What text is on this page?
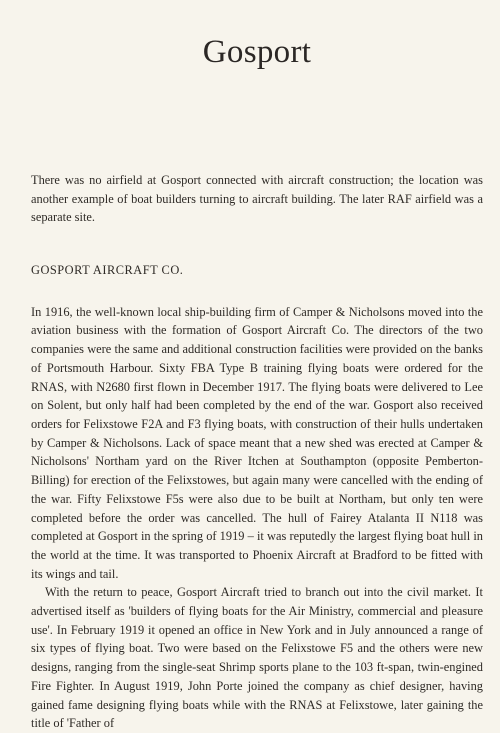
Gosport

There was no airfield at Gosport connected with aircraft construction; the location was another example of boat builders turning to aircraft building. The later RAF airfield was a separate site.

GOSPORT AIRCRAFT CO.

In 1916, the well-known local ship-building firm of Camper & Nicholsons moved into the aviation business with the formation of Gosport Aircraft Co. The directors of the two companies were the same and additional construction facilities were provided on the banks of Portsmouth Harbour. Sixty FBA Type B training flying boats were ordered for the RNAS, with N2680 first flown in December 1917. The flying boats were delivered to Lee on Solent, but only half had been completed by the end of the war. Gosport also received orders for Felixstowe F2A and F3 flying boats, with construction of their hulls undertaken by Camper & Nicholsons. Lack of space meant that a new shed was erected at Camper & Nicholsons' Northam yard on the River Itchen at Southampton (opposite Pemberton-Billing) for erection of the Felixstowes, but again many were cancelled with the ending of the war. Fifty Felixstowe F5s were also due to be built at Northam, but only ten were completed before the order was cancelled. The hull of Fairey Atalanta II N118 was completed at Gosport in the spring of 1919 – it was reputedly the largest flying boat hull in the world at the time. It was transported to Phoenix Aircraft at Bradford to be fitted with its wings and tail.

With the return to peace, Gosport Aircraft tried to branch out into the civil market. It advertised itself as 'builders of flying boats for the Air Ministry, commercial and pleasure use'. In February 1919 it opened an office in New York and in July announced a range of six types of flying boat. Two were based on the Felixstowe F5 and the others were new designs, ranging from the single-seat Shrimp sports plane to the 103 ft-span, twin-engined Fire Fighter. In August 1919, John Porte joined the company as chief designer, having gained fame designing flying boats while with the RNAS at Felixstowe, later gaining the title of 'Father of
